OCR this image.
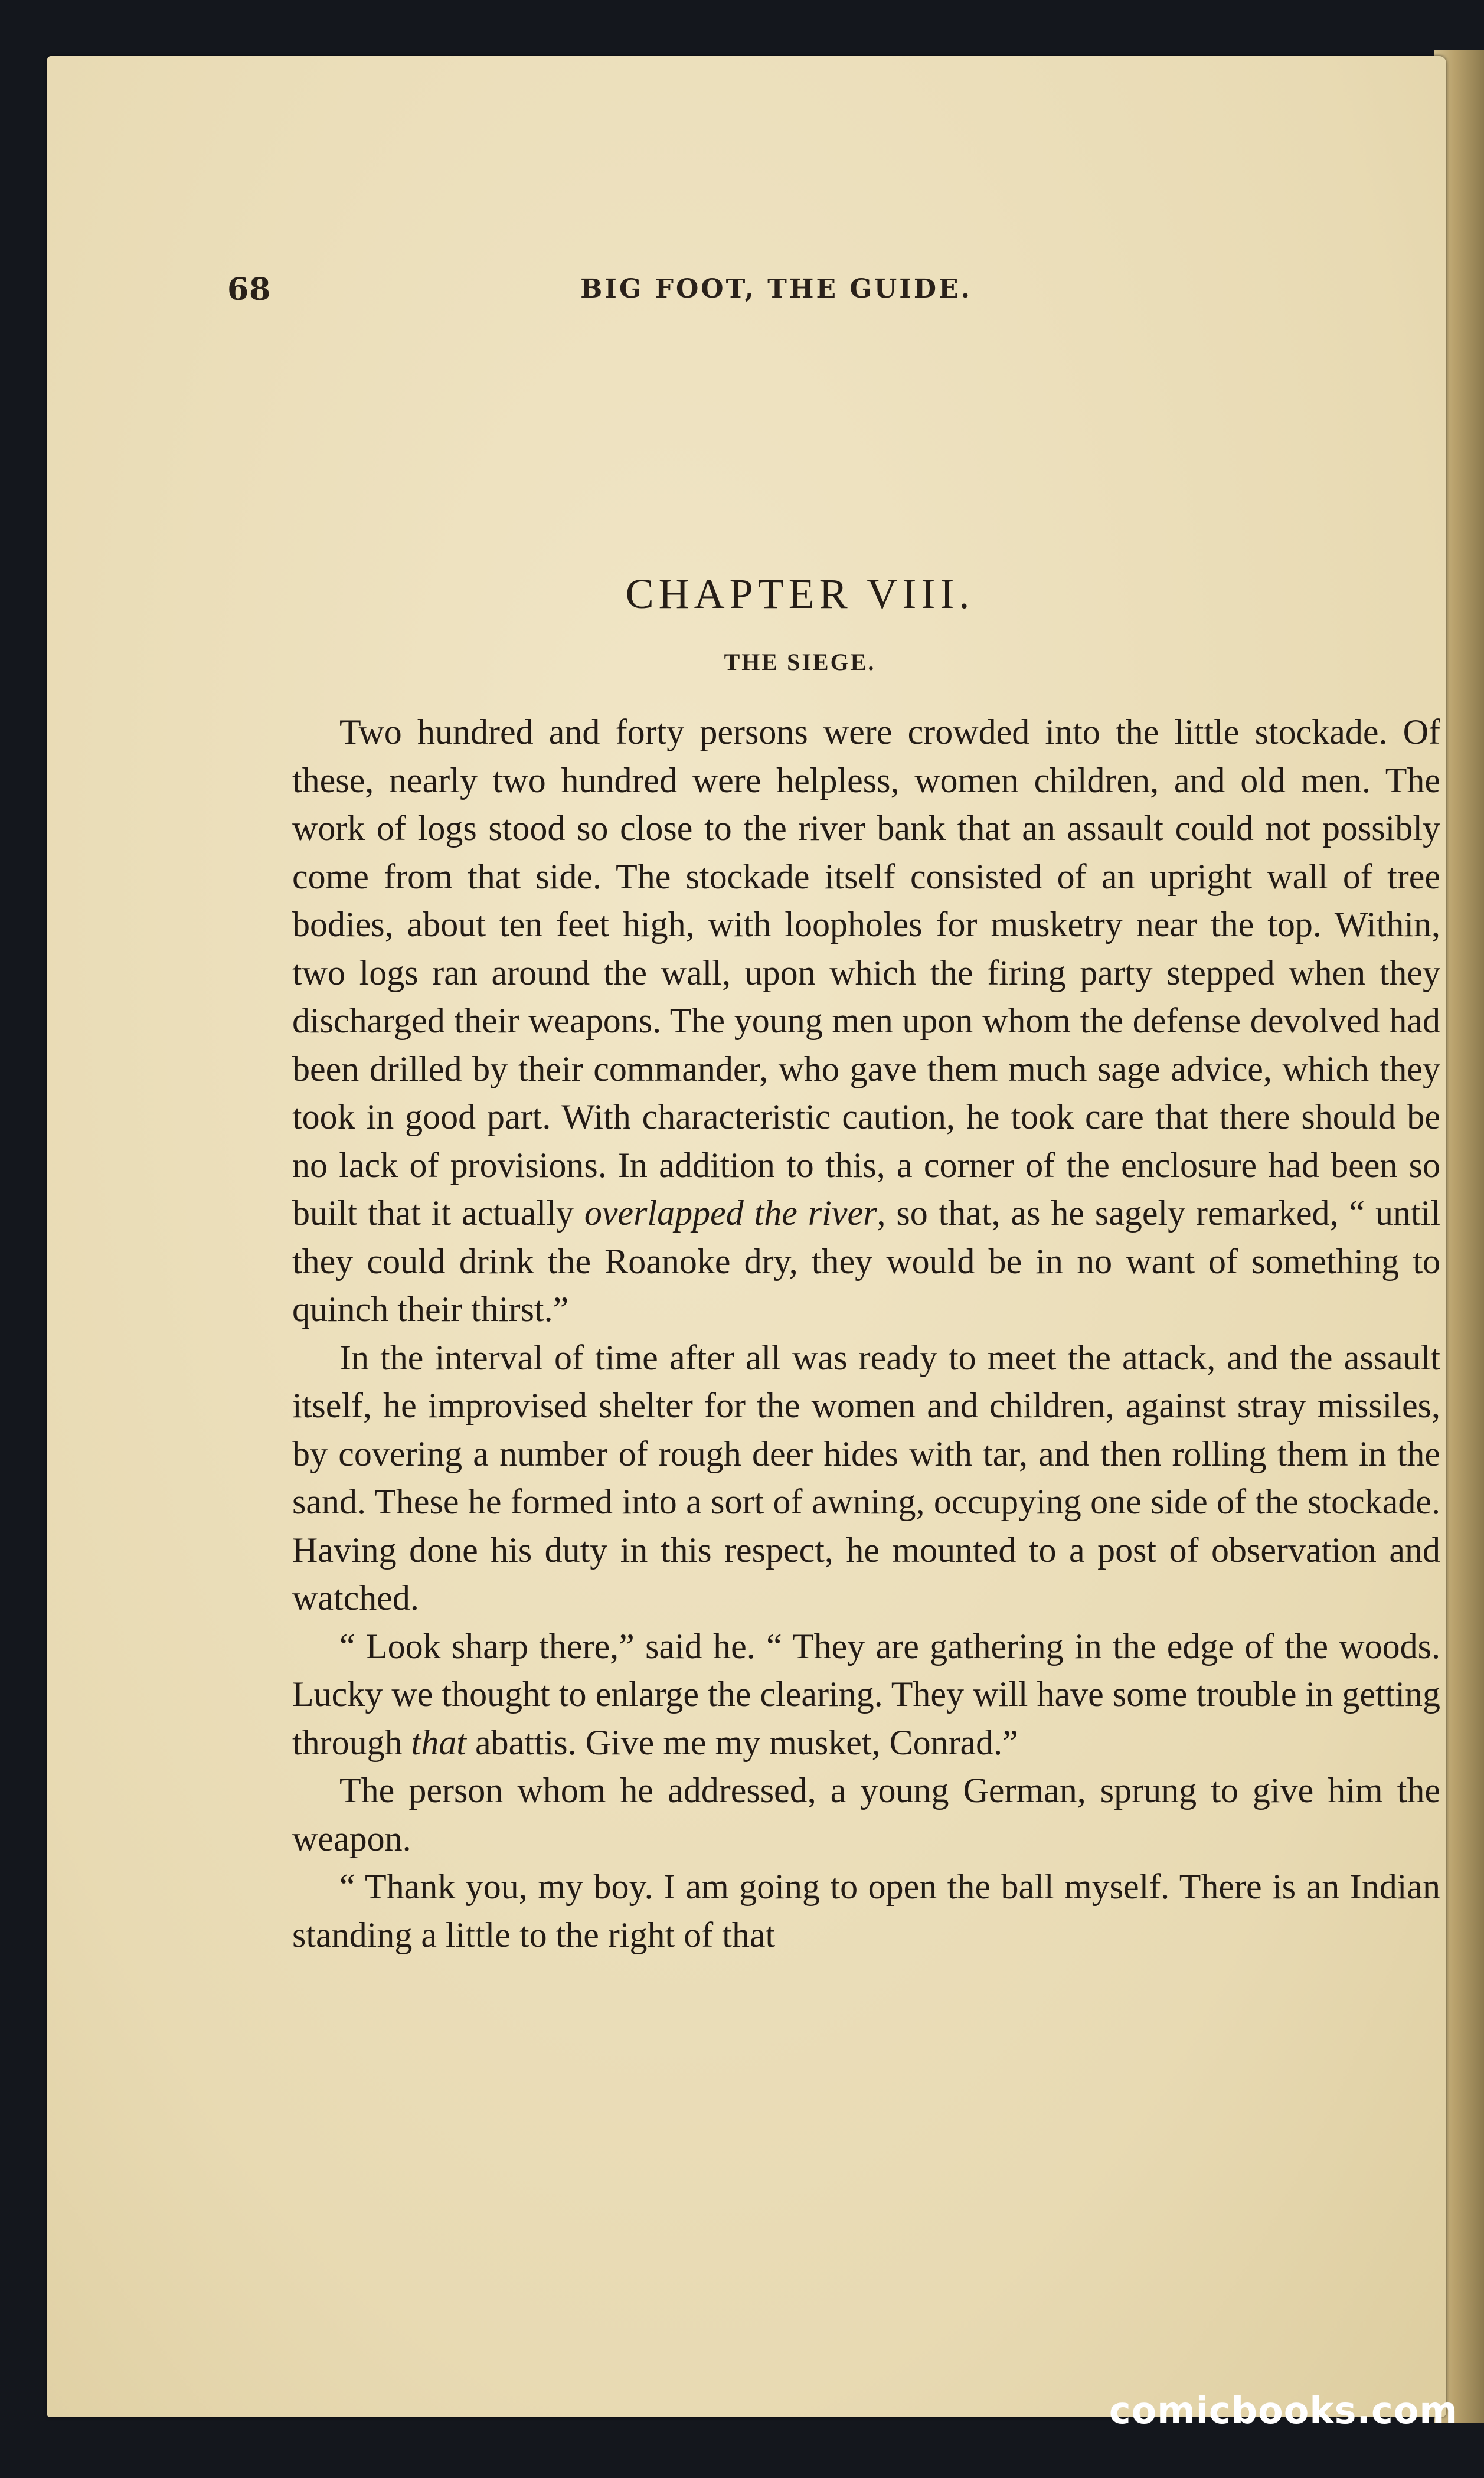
68	BIG FOOT, THE GUIDE.
CHAPTER VIII.
THE SIEGE.

Two hundred and forty persons were crowded into the little stockade. Of these, nearly two hundred were helpless, women children, and old men. The work of logs stood so close to the river bank that an assault could not possibly come from that side. The stockade itself consisted of an upright wall of tree bodies, about ten feet high, with loopholes for musketry near the top. Within, two logs ran around the wall, upon which the firing party stepped when they discharged their weapons. The young men upon whom the defense devolved had been drilled by their commander, who gave them much sage advice, which they took in good part. With characteristic caution, he took care that there should be no lack of provisions. In addition to this, a corner of the enclosure had been so built that it actually overlapped the river, so that, as he sagely remarked, “ until they could drink the Roanoke dry, they would be in no want of something to quinch their thirst.”

In the interval of time after all was ready to meet the attack, and the assault itself, he improvised shelter for the women and children, against stray missiles, by covering a number of rough deer hides with tar, and then rolling them in the sand. These he formed into a sort of awning, occupying one side of the stockade. Having done his duty in this respect, he mounted to a post of observation and watched.

“ Look sharp there,” said he. “ They are gathering in the edge of the woods. Lucky we thought to enlarge the clearing. They will have some trouble in getting through that abattis. Give me my musket, Conrad.”

The person whom he addressed, a young German, sprung to give him the weapon.

“ Thank you, my boy. I am going to open the ball myself. There is an Indian standing a little to the right of that

comicbooks.com
